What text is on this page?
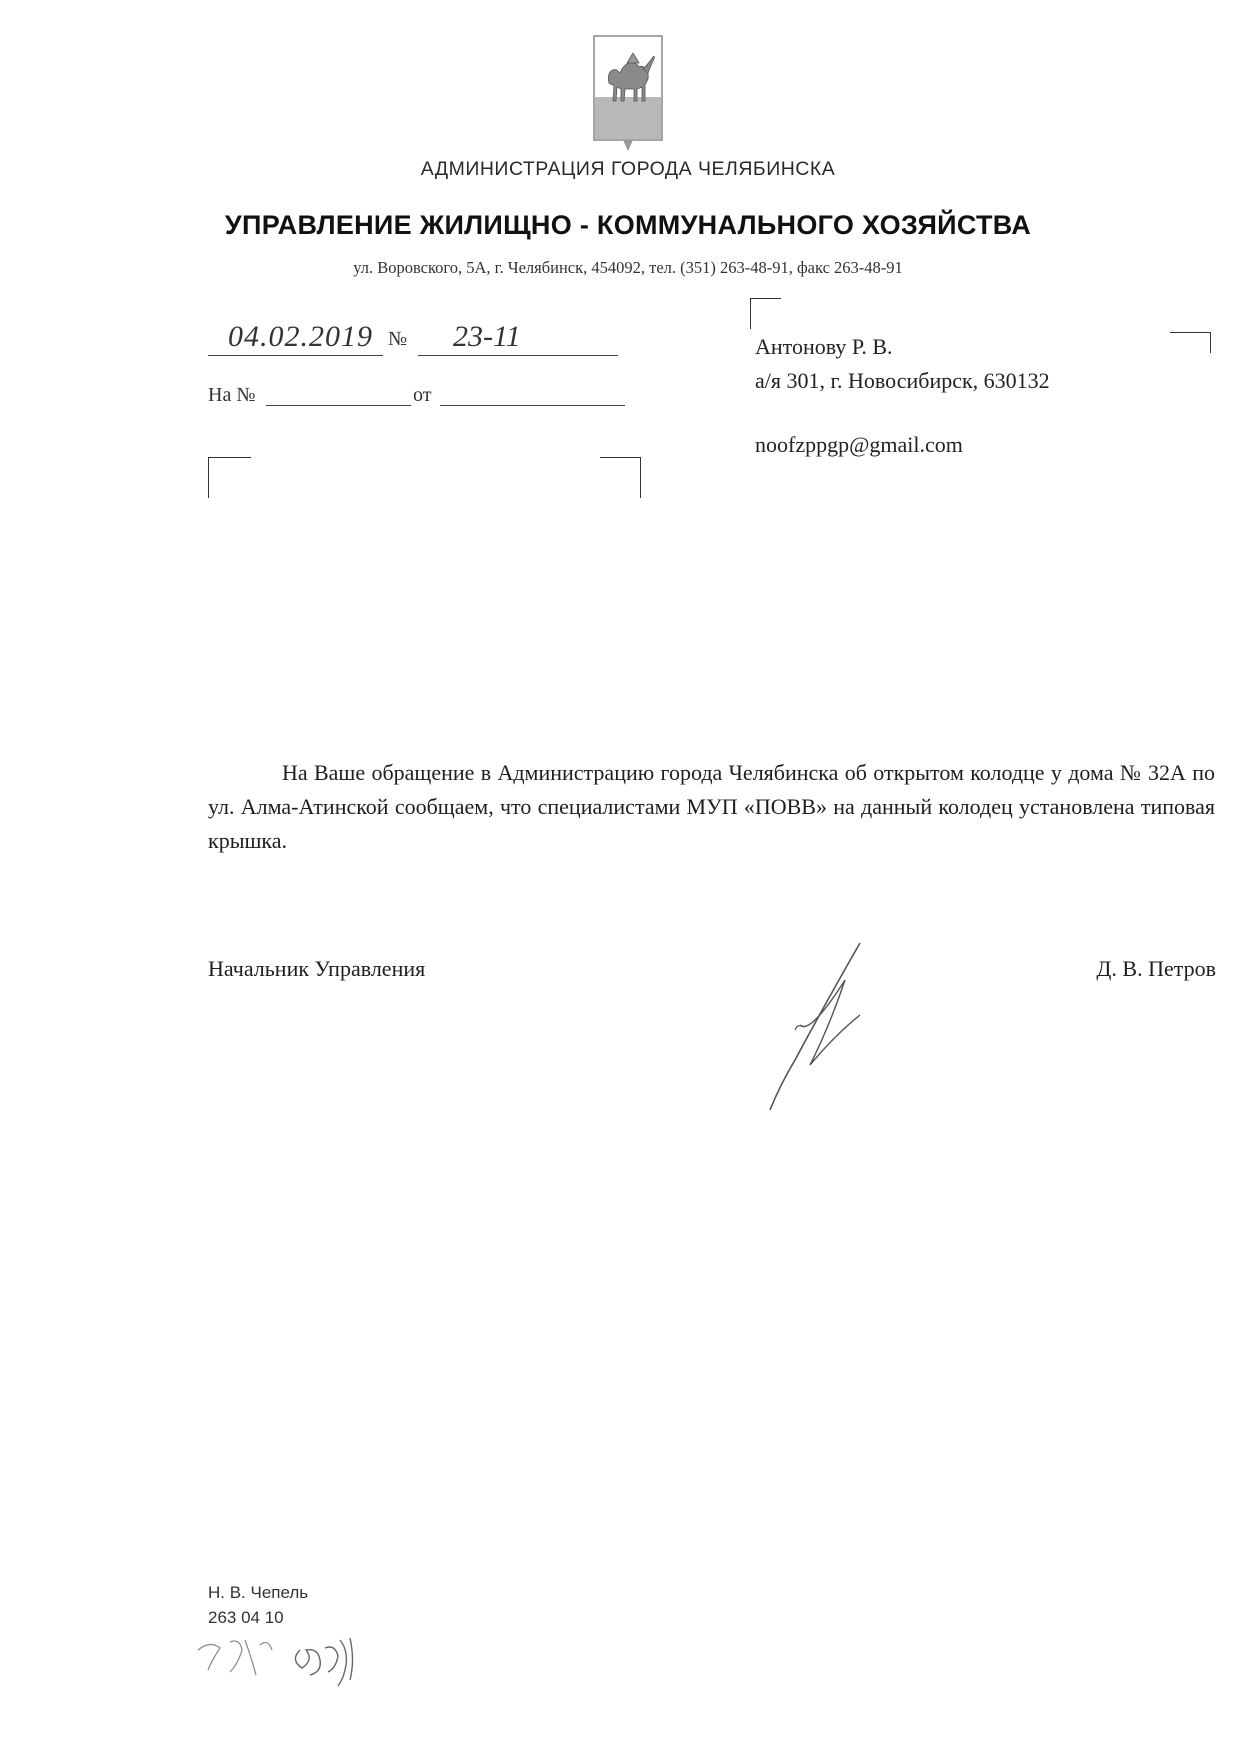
АДМИНИСТРАЦИЯ ГОРОДА ЧЕЛЯБИНСКА
УПРАВЛЕНИЕ ЖИЛИЩНО - КОММУНАЛЬНОГО ХОЗЯЙСТВА
ул. Воровского, 5А, г. Челябинск, 454092, тел. (351) 263-48-91, факс 263-48-91
04.02.2019 № 23-11
На №	от
Антонову Р. В.
а/я 301, г. Новосибирск, 630132
noofzppgp@gmail.com
На Ваше обращение в Администрацию города Челябинска об открытом колодце у дома № 32А по ул. Алма-Атинской сообщаем, что специалистами МУП «ПОВВ» на данный колодец установлена типовая крышка.
Начальник Управления	Д. В. Петров
Н. В. Чепель
263 04 10
